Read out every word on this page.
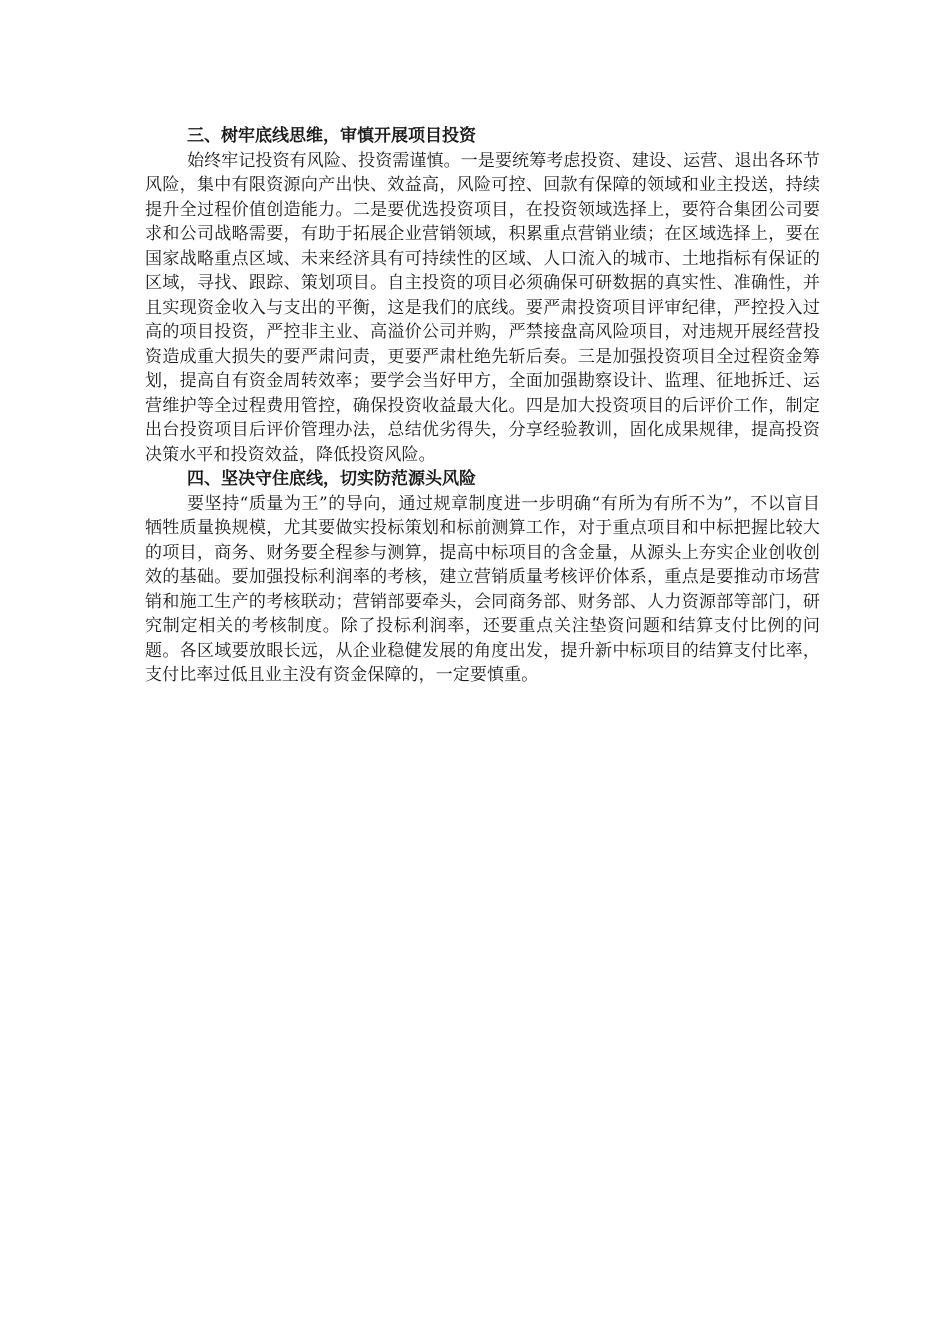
三、树牢底线思维，审慎开展项目投资

始终牢记投资有风险、投资需谨慎。一是要统筹考虑投资、建设、运营、退出各环节风险，集中有限资源向产出快、效益高，风险可控、回款有保障的领域和业主投送，持续提升全过程价值创造能力。二是要优选投资项目，在投资领域选择上，要符合集团公司要求和公司战略需要，有助于拓展企业营销领域，积累重点营销业绩；在区域选择上，要在国家战略重点区域、未来经济具有可持续性的区域、人口流入的城市、土地指标有保证的区域，寻找、跟踪、策划项目。自主投资的项目必须确保可研数据的真实性、准确性，并且实现资金收入与支出的平衡，这是我们的底线。要严肃投资项目评审纪律，严控投入过高的项目投资，严控非主业、高溢价公司并购，严禁接盘高风险项目，对违规开展经营投资造成重大损失的要严肃问责，更要严肃杜绝先斩后奏。三是加强投资项目全过程资金筹划，提高自有资金周转效率；要学会当好甲方，全面加强勘察设计、监理、征地拆迁、运营维护等全过程费用管控，确保投资收益最大化。四是加大投资项目的后评价工作，制定出台投资项目后评价管理办法，总结优劣得失，分享经验教训，固化成果规律，提高投资决策水平和投资效益，降低投资风险。

四、坚决守住底线，切实防范源头风险

要坚持“质量为王”的导向，通过规章制度进一步明确“有所为有所不为”，不以盲目牺牲质量换规模，尤其要做实投标策划和标前测算工作，对于重点项目和中标把握比较大的项目，商务、财务要全程参与测算，提高中标项目的含金量，从源头上夯实企业创收创效的基础。要加强投标利润率的考核，建立营销质量考核评价体系，重点是要推动市场营销和施工生产的考核联动；营销部要牵头，会同商务部、财务部、人力资源部等部门，研究制定相关的考核制度。除了投标利润率，还要重点关注垫资问题和结算支付比例的问题。各区域要放眼长远，从企业稳健发展的角度出发，提升新中标项目的结算支付比率，支付比率过低且业主没有资金保障的，一定要慎重。
